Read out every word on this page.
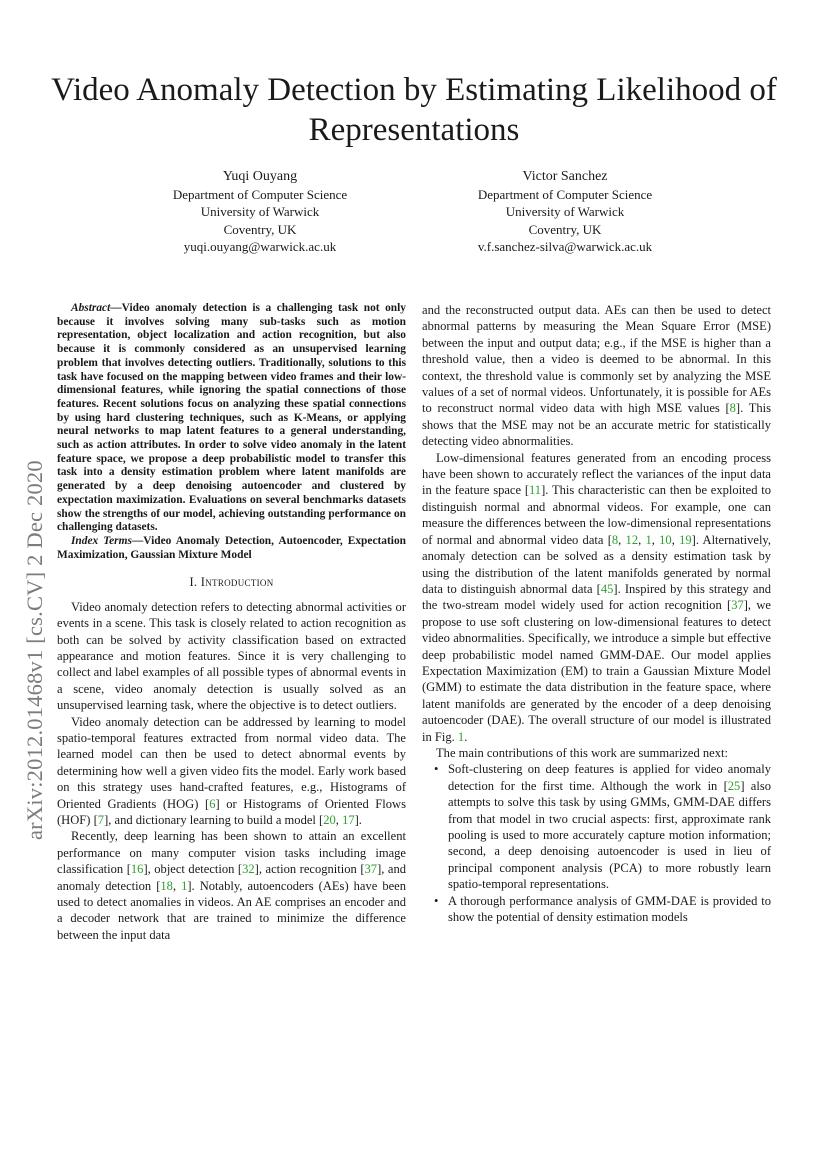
Video Anomaly Detection by Estimating Likelihood of Representations
Yuqi Ouyang
Department of Computer Science
University of Warwick
Coventry, UK
yuqi.ouyang@warwick.ac.uk
Victor Sanchez
Department of Computer Science
University of Warwick
Coventry, UK
v.f.sanchez-silva@warwick.ac.uk
arXiv:2012.01468v1 [cs.CV] 2 Dec 2020

Abstract—Video anomaly detection is a challenging task not only because it involves solving many sub-tasks such as motion representation, object localization and action recognition, but also because it is commonly considered as an unsupervised learning problem that involves detecting outliers. Traditionally, solutions to this task have focused on the mapping between video frames and their low-dimensional features, while ignoring the spatial connections of those features. Recent solutions focus on analyzing these spatial connections by using hard clustering techniques, such as K-Means, or applying neural networks to map latent features to a general understanding, such as action attributes. In order to solve video anomaly in the latent feature space, we propose a deep probabilistic model to transfer this task into a density estimation problem where latent manifolds are generated by a deep denoising autoencoder and clustered by expectation maximization. Evaluations on several benchmarks datasets show the strengths of our model, achieving outstanding performance on challenging datasets.

Index Terms—Video Anomaly Detection, Autoencoder, Expectation Maximization, Gaussian Mixture Model

I. Introduction

Video anomaly detection refers to detecting abnormal activities or events in a scene. This task is closely related to action recognition as both can be solved by activity classification based on extracted appearance and motion features. Since it is very challenging to collect and label examples of all possible types of abnormal events in a scene, video anomaly detection is usually solved as an unsupervised learning task, where the objective is to detect outliers.

Video anomaly detection can be addressed by learning to model spatio-temporal features extracted from normal video data. The learned model can then be used to detect abnormal events by determining how well a given video fits the model. Early work based on this strategy uses hand-crafted features, e.g., Histograms of Oriented Gradients (HOG) [6] or Histograms of Oriented Flows (HOF) [7], and dictionary learning to build a model [20, 17].

Recently, deep learning has been shown to attain an excellent performance on many computer vision tasks including image classification [16], object detection [32], action recognition [37], and anomaly detection [18, 1]. Notably, autoencoders (AEs) have been used to detect anomalies in videos. An AE comprises an encoder and a decoder network that are trained to minimize the difference between the input data

and the reconstructed output data. AEs can then be used to detect abnormal patterns by measuring the Mean Square Error (MSE) between the input and output data; e.g., if the MSE is higher than a threshold value, then a video is deemed to be abnormal. In this context, the threshold value is commonly set by analyzing the MSE values of a set of normal videos. Unfortunately, it is possible for AEs to reconstruct normal video data with high MSE values [8]. This shows that the MSE may not be an accurate metric for statistically detecting video abnormalities.

Low-dimensional features generated from an encoding process have been shown to accurately reflect the variances of the input data in the feature space [11]. This characteristic can then be exploited to distinguish normal and abnormal videos. For example, one can measure the differences between the low-dimensional representations of normal and abnormal video data [8, 12, 1, 10, 19]. Alternatively, anomaly detection can be solved as a density estimation task by using the distribution of the latent manifolds generated by normal data to distinguish abnormal data [45]. Inspired by this strategy and the two-stream model widely used for action recognition [37], we propose to use soft clustering on low-dimensional features to detect video abnormalities. Specifically, we introduce a simple but effective deep probabilistic model named GMM-DAE. Our model applies Expectation Maximization (EM) to train a Gaussian Mixture Model (GMM) to estimate the data distribution in the feature space, where latent manifolds are generated by the encoder of a deep denoising autoencoder (DAE). The overall structure of our model is illustrated in Fig. 1.

The main contributions of this work are summarized next:

• Soft-clustering on deep features is applied for video anomaly detection for the first time. Although the work in [25] also attempts to solve this task by using GMMs, GMM-DAE differs from that model in two crucial aspects: first, approximate rank pooling is used to more accurately capture motion information; second, a deep denoising autoencoder is used in lieu of principal component analysis (PCA) to more robustly learn spatio-temporal representations.
• A thorough performance analysis of GMM-DAE is provided to show the potential of density estimation models
